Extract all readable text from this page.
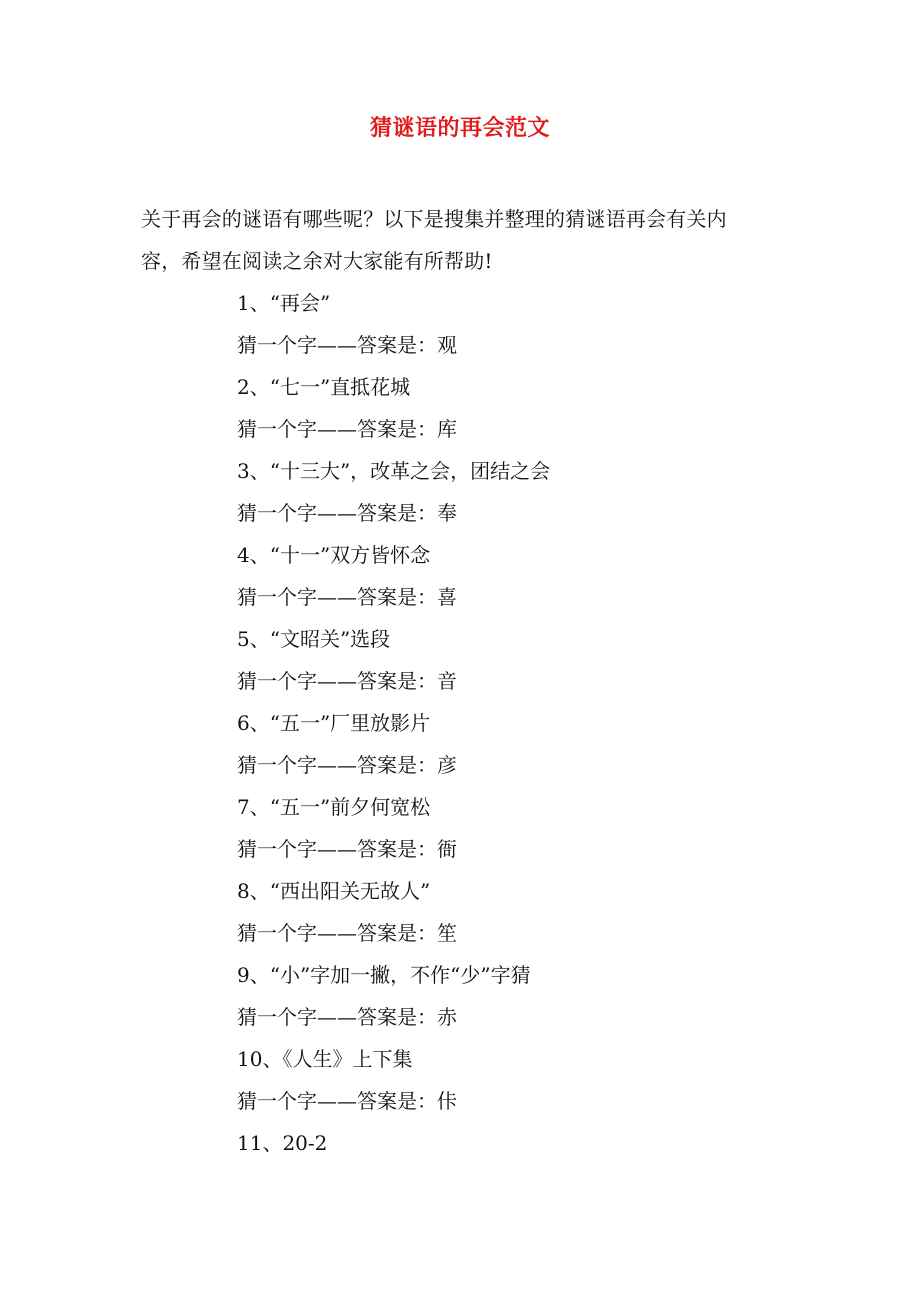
猜谜语的再会范文
关于再会的谜语有哪些呢？以下是搜集并整理的猜谜语再会有关内
容，希望在阅读之余对大家能有所帮助!
1、“再会”
猜一个字——答案是：观
2、“七一”直抵花城
猜一个字——答案是：库
3、“十三大”，改革之会，团结之会
猜一个字——答案是：奉
4、“十一”双方皆怀念
猜一个字——答案是：喜
5、“文昭关”选段
猜一个字——答案是：音
6、“五一”厂里放影片
猜一个字——答案是：彦
7、“五一”前夕何宽松
猜一个字——答案是：衙
8、“西出阳关无故人”
猜一个字——答案是：笙
9、“小”字加一撇，不作“少”字猜
猜一个字——答案是：赤
10、《人生》上下集
猜一个字——答案是：佧
11、20-2
